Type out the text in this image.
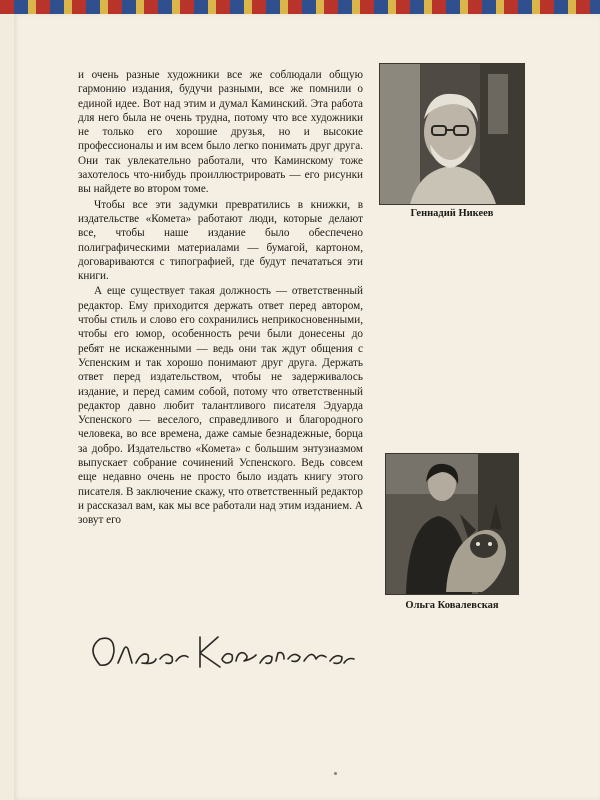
и очень разные художники все же соблюдали общую гармонию издания, будучи разными, все же помнили о единой идее. Вот над этим и думал Каминский. Эта работа для него была не очень трудна, потому что все художники не только его хорошие друзья, но и высокие профессионалы и им всем было легко понимать друг друга. Они так увлекательно работали, что Каминскому тоже захотелось что-нибудь проиллюстрировать — его рисунки вы найдете во втором томе.

Чтобы все эти задумки превратились в книжки, в издательстве «Комета» работают люди, которые делают все, чтобы наше издание было обеспечено полиграфическими материалами — бумагой, картоном, договариваются с типографией, где будут печататься эти книги.

А еще существует такая должность — ответственный редактор. Ему приходится держать ответ перед автором, чтобы стиль и слово его сохранились неприкосновенными, чтобы его юмор, особенность речи были донесены до ребят не искаженными — ведь они так ждут общения с Успенским и так хорошо понимают друг друга. Держать ответ перед издательством, чтобы не задерживалось издание, и перед самим собой, потому что ответственный редактор давно любит талантливого писателя Эдуарда Успенского — веселого, справедливого и благородного человека, во все времена, даже самые безнадежные, борца за добро. Издательство «Комета» с большим энтузиазмом выпускает собрание сочинений Успенского. Ведь совсем еще недавно очень не просто было издать книгу этого писателя. В заключение скажу, что ответственный редактор и рассказал вам, как мы все работали над этим изданием. А зовут его

Геннадий Никеев
Ольга Ковалевская
